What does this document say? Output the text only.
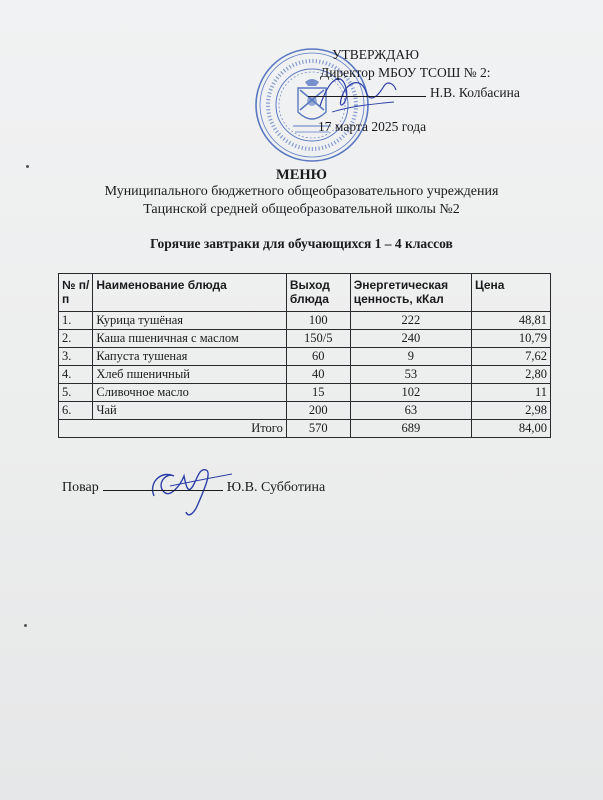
УТВЕРЖДАЮ
Директор МБОУ ТСОШ № 2:
Н.В. Колбасина
17 марта 2025 года
МЕНЮ
Муниципального бюджетного общеобразовательного учреждения
Тацинской средней общеобразовательной школы №2
Горячие завтраки для обучающихся 1 – 4 классов
№ п/п	Наименование блюда	Выход блюда	Энергетическая ценность, кКал	Цена
1.	Курица тушёная	100	222	48,81
2.	Каша пшеничная с маслом	150/5	240	10,79
3.	Капуста тушеная	60	9	7,62
4.	Хлеб пшеничный	40	53	2,80
5.	Сливочное масло	15	102	11
6.	Чай	200	63	2,98
Итого		570	689	84,00
Повар	Ю.В. Субботина
